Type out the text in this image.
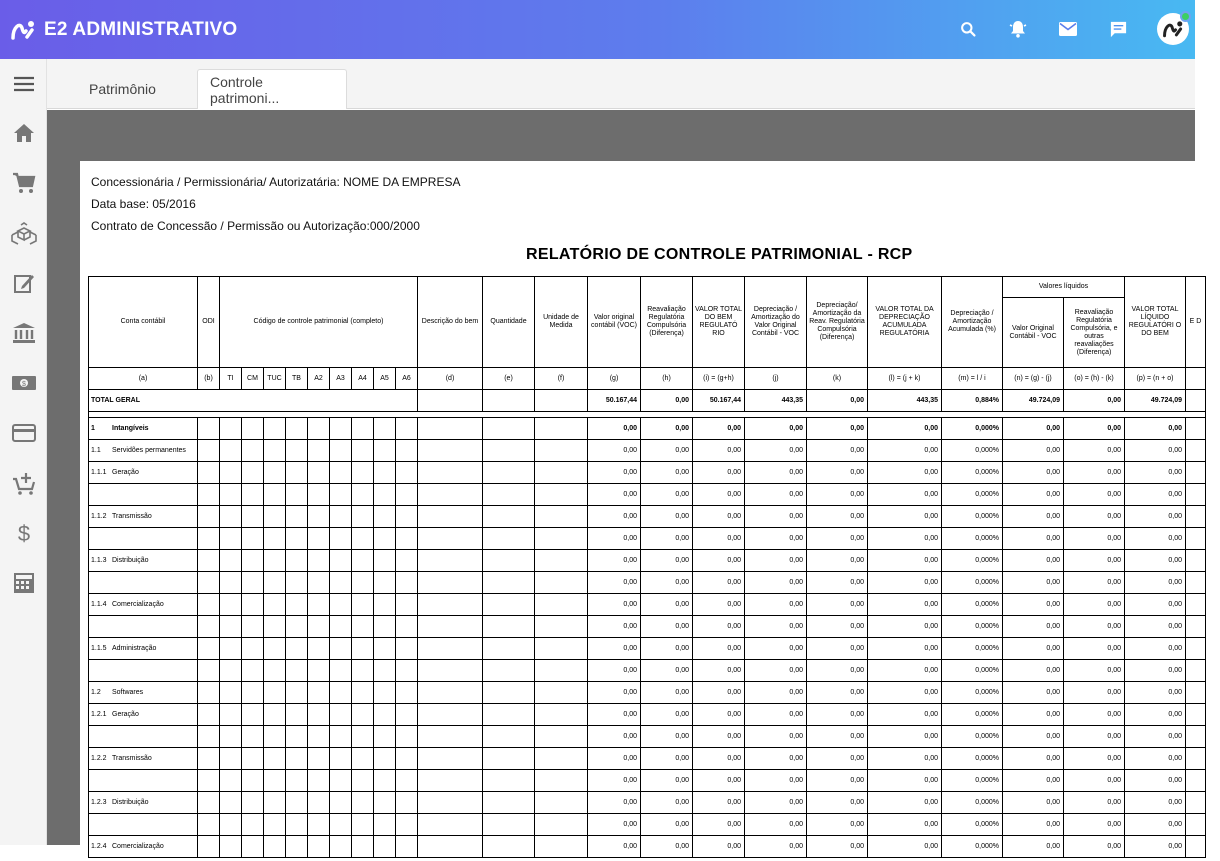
E2 ADMINISTRATIVO
$
$
Patrimônio	Controle patrimoni...
Concessionária / Permissionária/ Autorizatária: NOME DA EMPRESA
Data base: 05/2016
Contrato de Concessão / Permissão ou Autorização:000/2000
RELATÓRIO DE CONTROLE PATRIMONIAL - RCP
Conta contábil	ODI	Código de controle patrimonial (completo)									Descrição do bem	Quantidade	Unidade de Medida	Valor original contábil (VOC)	Reavaliação Regulatória Compulsória (Diferença)	VALOR TOTAL DO BEM REGULATÓ RIO	Depreciação / Amortização do Valor Original Contábil - VOC	Depreciação/ Amortização da Reav. Regulatória Compulsória (Diferença)	VALOR TOTAL DA DEPRECIAÇÃO ACUMULADA REGULATÓRIA	Depreciação / Amortização Acumulada (%)	Valores líquidos		VALOR TOTAL LÍQUIDO REGULATÓRI O DO BEM	E D
																					Valor Original Contábil - VOC	Reavaliação Regulatória Compulsória, e outras reavaliações (Diferença)		
(a)	(b)	TI	CM	TUC	TB	A2	A3	A4	A5	A6	(d)	(e)	(f)	(g)	(h)	(i) = (g+h)	(j)	(k)	(l) = (j + k)	(m) = l / i	(n) = (g) - (j)	(o) = (h) - (k)	(p) = (n + o)	
TOTAL GERAL														50.167,44	0,00	50.167,44	443,35	0,00	443,35	0,884%	49.724,09	0,00	49.724,09	

1 Intangíveis														0,00	0,00	0,00	0,00	0,00	0,00	0,000%	0,00	0,00	0,00	
1.1 Servidões permanentes														0,00	0,00	0,00	0,00	0,00	0,00	0,000%	0,00	0,00	0,00	
1.1.1 Geração														0,00	0,00	0,00	0,00	0,00	0,00	0,000%	0,00	0,00	0,00	
														0,00	0,00	0,00	0,00	0,00	0,00	0,000%	0,00	0,00	0,00	
1.1.2 Transmissão														0,00	0,00	0,00	0,00	0,00	0,00	0,000%	0,00	0,00	0,00	
														0,00	0,00	0,00	0,00	0,00	0,00	0,000%	0,00	0,00	0,00	
1.1.3 Distribuição														0,00	0,00	0,00	0,00	0,00	0,00	0,000%	0,00	0,00	0,00	
														0,00	0,00	0,00	0,00	0,00	0,00	0,000%	0,00	0,00	0,00	
1.1.4 Comercialização														0,00	0,00	0,00	0,00	0,00	0,00	0,000%	0,00	0,00	0,00	
														0,00	0,00	0,00	0,00	0,00	0,00	0,000%	0,00	0,00	0,00	
1.1.5 Administração														0,00	0,00	0,00	0,00	0,00	0,00	0,000%	0,00	0,00	0,00	
														0,00	0,00	0,00	0,00	0,00	0,00	0,000%	0,00	0,00	0,00	
1.2 Softwares														0,00	0,00	0,00	0,00	0,00	0,00	0,000%	0,00	0,00	0,00	
1.2.1 Geração														0,00	0,00	0,00	0,00	0,00	0,00	0,000%	0,00	0,00	0,00	
														0,00	0,00	0,00	0,00	0,00	0,00	0,000%	0,00	0,00	0,00	
1.2.2 Transmissão														0,00	0,00	0,00	0,00	0,00	0,00	0,000%	0,00	0,00	0,00	
														0,00	0,00	0,00	0,00	0,00	0,00	0,000%	0,00	0,00	0,00	
1.2.3 Distribuição														0,00	0,00	0,00	0,00	0,00	0,00	0,000%	0,00	0,00	0,00	
														0,00	0,00	0,00	0,00	0,00	0,00	0,000%	0,00	0,00	0,00	
1.2.4 Comercialização														0,00	0,00	0,00	0,00	0,00	0,00	0,000%	0,00	0,00	0,00	
